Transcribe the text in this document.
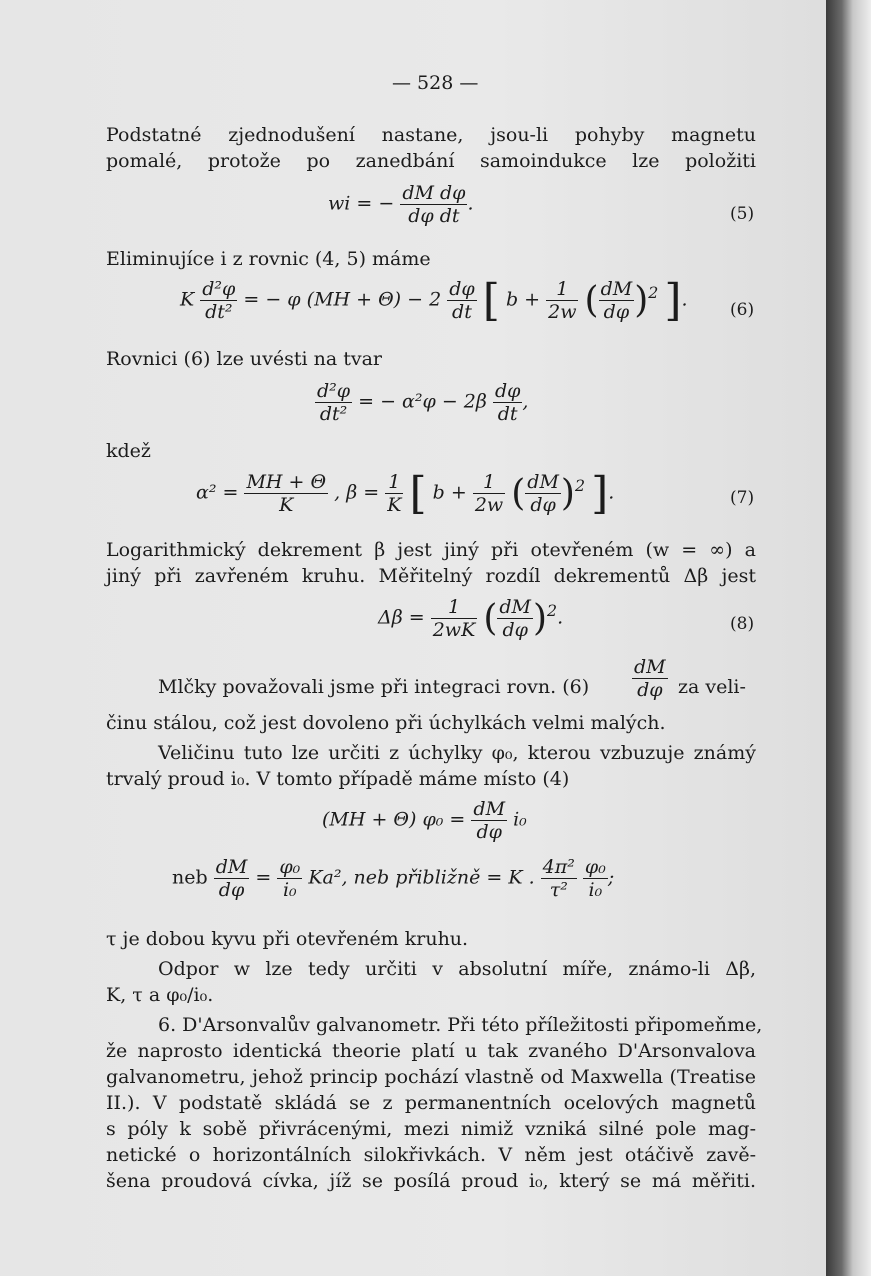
— 528 —
Podstatné zjednodušení nastane, jsou-li pohyby magnetu
pomalé, protože po zanedbání samoindukce lze položiti
wi = − $\frac{\text{dM dφ}}{\text{dφ dt}}$ .	(5)
Eliminujíce i z rovnic (4, 5) máme
K $\frac{\text{d²φ}}{\text{dt²}}$ = − φ $(MH + \Theta) - 2 \frac{d\varphi}{dt}$ [ $b + \frac{1}{2w}$ ( $\frac{dM}{d\varphi} )^2$ ]. (6)
Rovnici (6) lze uvésti na tvar
$\frac{\text{d²φ}}{\text{dt²}}$ = − $\alpha^2\varphi - 2\beta \frac{d\varphi}{dt}$ ,
kdež
$\alpha^2 = \frac{MH + \Theta}{K}$ , $\beta = \frac{1}{K}$ [ $b + \frac{1}{2w}$ ( $\frac{dM}{d\varphi} )^2$ ].	(7)
Logarithmický dekrement β jest jiný při otevřeném (w = ∞) a
jiný při zavřeném kruhu. Měřitelný rozdíl dekrementů Δβ jest
$\Delta\beta = \frac{1}{2wK}$ ( $\frac{dM}{d\varphi} )^2$.	(8)
Mlčky považovali jsme při integraci rovn. $(6) \frac{dM}{d\varphi}$ za veli-
činu stálou, což jest dovoleno při úchylkách velmi malých.
Veličinu tuto lze určiti z úchylky φ₀, kterou vzbuzuje známý
trvalý proud i₀. V tomto případě máme místo (4)
(MH + Θ) $\varphi_0 = \frac{dM}{d\varphi} i_0$
neb $\frac{dM}{d\varphi} = \frac{\text{φ₀}}{\text{i₀}} Ka^2$, neb přibližně = K . $\frac{\text{4π²}}{\text{τ²}}$
$\frac{\text{φ₀}}{\text{i₀}}$ ;
τ je dobou kyvu při otevřeném kruhu.
Odpor w lze tedy určiti v absolutní míře, známo-li Δβ,
K, τ a φ₀/i₀.
6. D'Arsonvalův galvanometr. Při této příležitosti připomeňme,
že naprosto identická theorie platí u tak zvaného D'Arsonvalova
galvanometru, jehož princip pochází vlastně od Maxwella (Treatise
II.). V podstatě skládá se z permanentních ocelových magnetů
s póly k sobě přivrácenými, mezi nimiž vzniká silné pole mag-
netické o horizontálních silokřivkách. V něm jest otáčivě zavě-
šena proudová cívka, jíž se posílá proud i₀, který se má měřiti.
